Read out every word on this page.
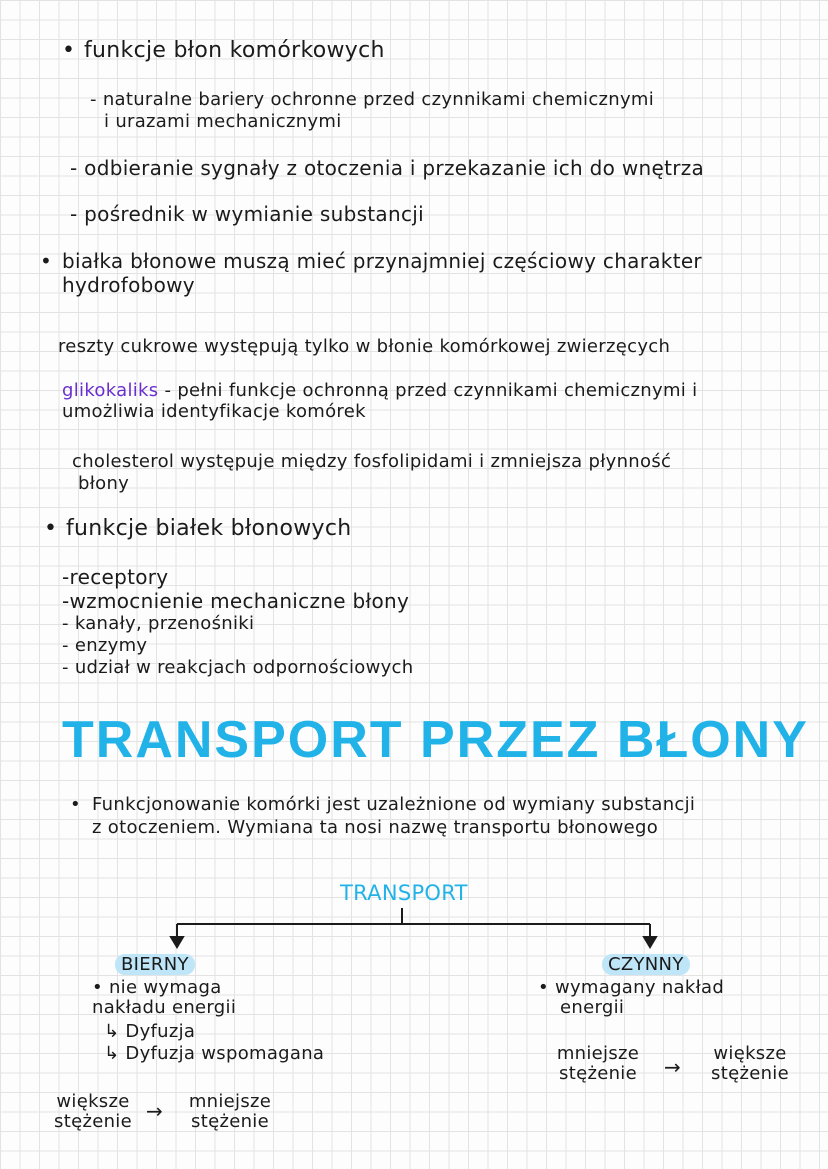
• funkcje błon komórkowych
- naturalne bariery ochronne przed czynnikami chemicznymi
i urazami mechanicznymi
- odbieranie sygnały z otoczenia i przekazanie ich do wnętrza
- pośrednik w wymianie substancji
• białka błonowe muszą mieć przynajmniej częściowy charakter
hydrofobowy
reszty cukrowe występują tylko w błonie komórkowej zwierzęcych
glikokaliks - pełni funkcje ochronną przed czynnikami chemicznymi i
umożliwia identyfikacje komórek
cholesterol występuje między fosfolipidami i zmniejsza płynność
błony
• funkcje białek błonowych
-receptory
-wzmocnienie mechaniczne błony
- kanały, przenośniki
- enzymy
- udział w reakcjach odpornościowych
TRANSPORT PRZEZ BŁONY
• Funkcjonowanie komórki jest uzależnione od wymiany substancji
z otoczeniem. Wymiana ta nosi nazwę transportu błonowego
TRANSPORT
BIERNY
• nie wymaga
nakładu energii
↳ Dyfuzja
↳ Dyfuzja wspomagana
większe stężenie →	mniejsze stężenie
CZYNNY
• wymagany nakład
energii
mniejsze stężenie	→
większe stężenie
